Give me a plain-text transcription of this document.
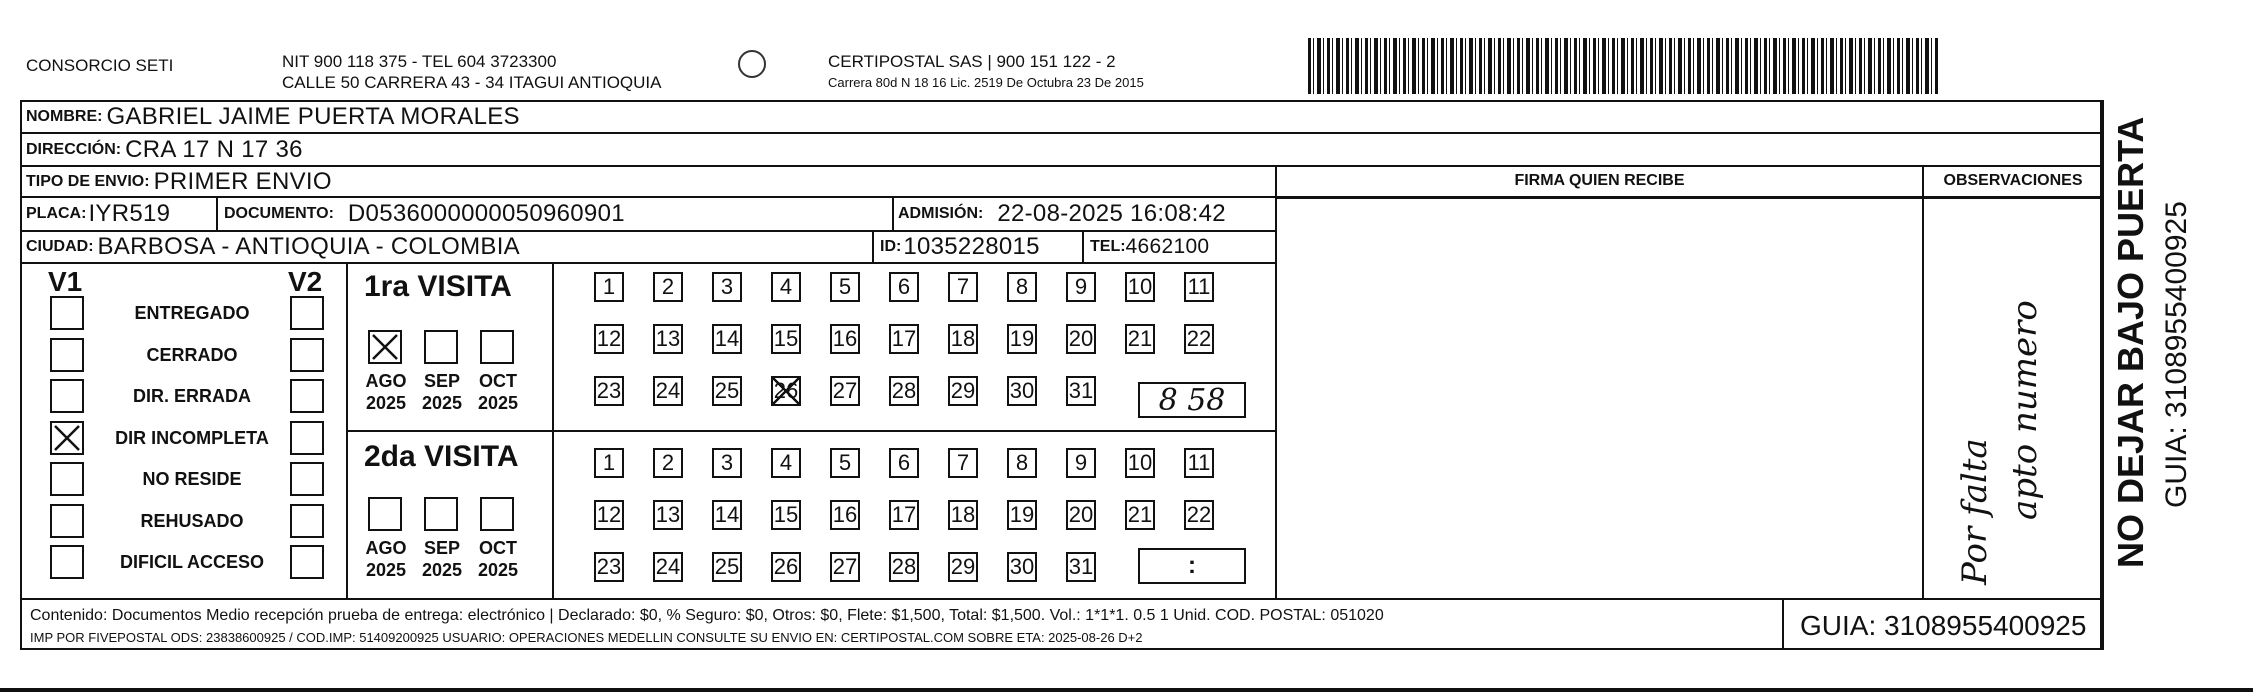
CONSORCIO SETI	NIT 900 118 375 - TEL 604 3723300
CALLE 50 CARRERA 43 - 34 ITAGUI ANTIOQUIA
CERTIPOSTAL SAS | 900 151 122 - 2
Carrera 80d N 18 16 Lic. 2519 De Octubra 23 De 2015
NOMBRE: GABRIEL JAIME PUERTA MORALES
DIRECCIÓN: CRA 17 N 17 36
TIPO DE ENVIO: PRIMER ENVIO
PLACA: IYR519	DOCUMENTO: D0536000000050960901	ADMISIÓN: 22-08-2025 16:08:42
CIUDAD: BARBOSA - ANTIOQUIA - COLOMBIA	ID: 1035228015	TEL: 4662100
FIRMA QUIEN RECIBE	OBSERVACIONES
Por falta apto numero
V1	V2
ENTREGADO
CERRADO
DIR. ERRADA
DIR INCOMPLETA
NO RESIDE
REHUSADO
DIFICIL ACCESO
1ra VISITA
2da VISITA
AGO
2025
SEP
2025
OCT
2025
AGO
2025
SEP
2025
OCT
2025
1	2	3	4	5	6	7	8	9	10 11
12 13 14 15 16 17 18 19 20 21 22
23 24 25 26 27 28 29 30 31
1	2	3	4	5	6	7	8	9	10 11
12 13 14 15 16 17 18 19 20 21 22
23 24 25 26 27 28 29 30 31
8 58
:
Contenido: Documentos Medio recepción prueba de entrega: electrónico | Declarado: $0, % Seguro: $0, Otros: $0, Flete: $1,500, Total: $1,500. Vol.: 1*1*1. 0.5 1 Unid. COD. POSTAL: 051020
IMP POR FIVEPOSTAL ODS: 23838600925 / COD.IMP: 51409200925 USUARIO: OPERACIONES MEDELLIN CONSULTE SU ENVIO EN: CERTIPOSTAL.COM SOBRE ETA: 2025-08-26 D+2	GUIA: 3108955400925
NO DEJAR BAJO PUERTA GUIA: 3108955400925
